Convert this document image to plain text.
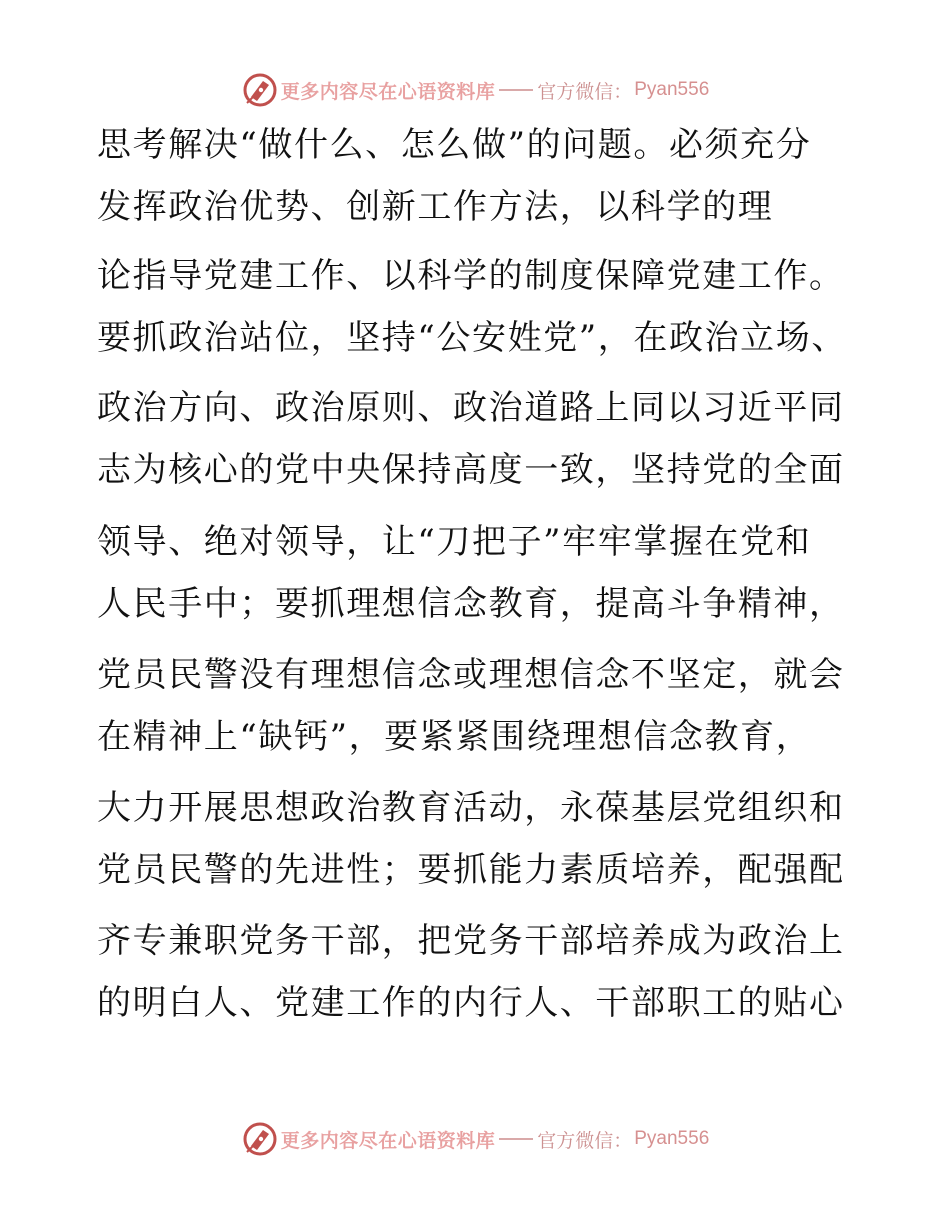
更多内容尽在心语资料库 官方微信： Pyan556
思考解决“做什么、怎么做”的问题。必须充分
发挥政治优势、创新工作方法，以科学的理
论指导党建工作、以科学的制度保障党建工作。
要抓政治站位，坚持“公安姓党”，在政治立场、
政治方向、政治原则、政治道路上同以习近平同
志为核心的党中央保持高度一致，坚持党的全面
领导、绝对领导，让“刀把子”牢牢掌握在党和
人民手中；要抓理想信念教育，提高斗争精神，
党员民警没有理想信念或理想信念不坚定，就会
在精神上“缺钙”，要紧紧围绕理想信念教育，
大力开展思想政治教育活动，永葆基层党组织和
党员民警的先进性；要抓能力素质培养，配强配
齐专兼职党务干部，把党务干部培养成为政治上
的明白人、党建工作的内行人、干部职工的贴心
更多内容尽在心语资料库 官方微信： Pyan556
